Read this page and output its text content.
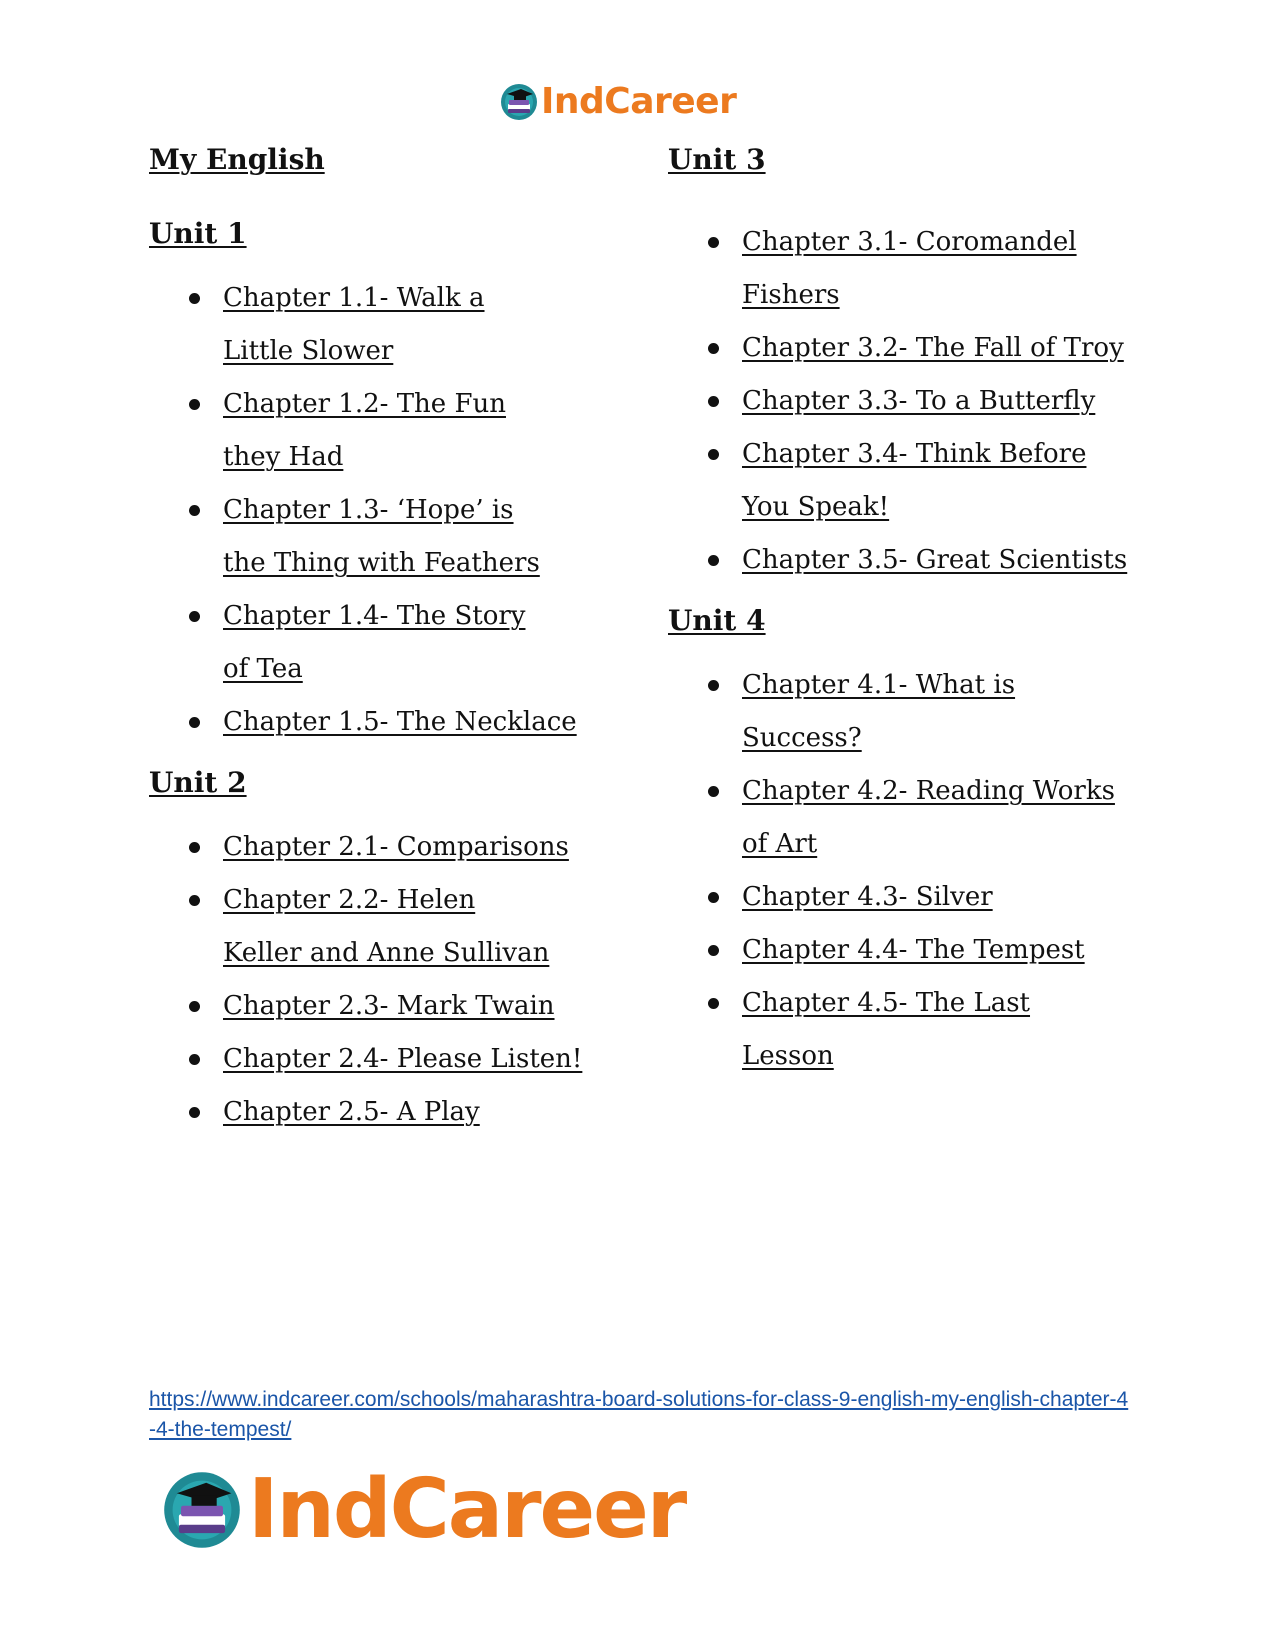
IndCareer
My English
Unit 1
Chapter 1.1- Walk a Little Slower
Chapter 1.2- The Fun they Had
Chapter 1.3- ‘Hope’ is the Thing with Feathers
Chapter 1.4- The Story of Tea
Chapter 1.5- The Necklace
Unit 2
Chapter 2.1- Comparisons
Chapter 2.2- Helen Keller and Anne Sullivan
Chapter 2.3- Mark Twain
Chapter 2.4- Please Listen!
Chapter 2.5- A Play
Unit 3
Chapter 3.1- Coromandel Fishers
Chapter 3.2- The Fall of Troy
Chapter 3.3- To a Butterfly
Chapter 3.4- Think Before You Speak!
Chapter 3.5- Great Scientists
Unit 4
Chapter 4.1- What is Success?
Chapter 4.2- Reading Works of Art
Chapter 4.3- Silver
Chapter 4.4- The Tempest
Chapter 4.5- The Last Lesson
https://www.indcareer.com/schools/maharashtra-board-solutions-for-class-9-english-my-english-chapter-4-4-the-tempest/
IndCareer
